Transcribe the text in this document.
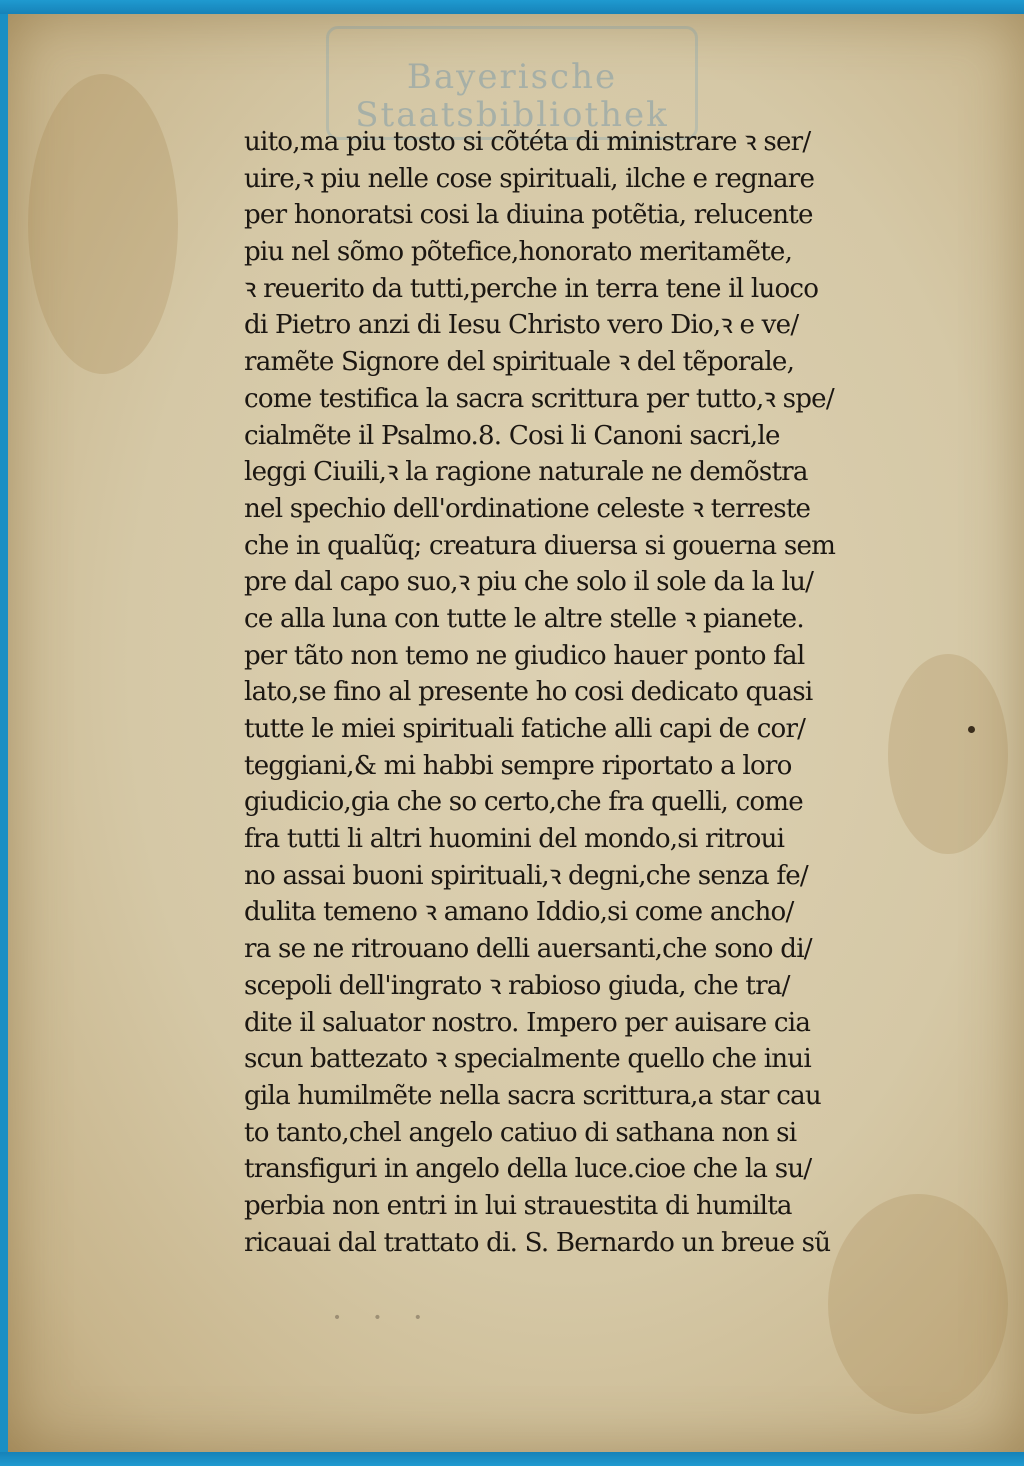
Bayerische
Staatsbibliothek
uito,ma piu tosto si cõtéta di ministrare ꝛ ser/
uire,ꝛ piu nelle cose spirituali, ilche e regnare
per honoratsi cosi la diuina potẽtia, relucente
piu nel sõmo põtefice,honorato meritamẽte,
ꝛ reuerito da tutti,perche in terra tene il luoco
di Pietro anzi di Iesu Christo vero Dio,ꝛ e ve/
ramẽte Signore del spirituale ꝛ del tẽporale,
come testifica la sacra scrittura per tutto,ꝛ spe/
cialmẽte il Psalmo.8. Cosi li Canoni sacri,le
leggi Ciuili,ꝛ la ragione naturale ne demõstra
nel spechio dell'ordinatione celeste ꝛ terreste
che in qualũq; creatura diuersa si gouerna sem
pre dal capo suo,ꝛ piu che solo il sole da la lu/
ce alla luna con tutte le altre stelle ꝛ pianete.
per tãto non temo ne giudico hauer ponto fal
lato,se fino al presente ho cosi dedicato quasi
tutte le miei spirituali fatiche alli capi de cor/
teggiani,& mi habbi sempre riportato a loro
giudicio,gia che so certo,che fra quelli, come
fra tutti li altri huomini del mondo,si ritroui
no assai buoni spirituali,ꝛ degni,che senza fe/
dulita temeno ꝛ amano Iddio,si come ancho/
ra se ne ritrouano delli auersanti,che sono di/
scepoli dell'ingrato ꝛ rabioso giuda, che tra/
dite il saluator nostro. Impero per auisare cia
scun battezato ꝛ specialmente quello che inui
gila humilmẽte nella sacra scrittura,a star cau
to tanto,chel angelo catiuo di sathana non si
transfiguri in angelo della luce.cioe che la su/
perbia non entri in lui strauestita di humilta
ricauai dal trattato di. S. Bernardo un breue sũ
· · ·
